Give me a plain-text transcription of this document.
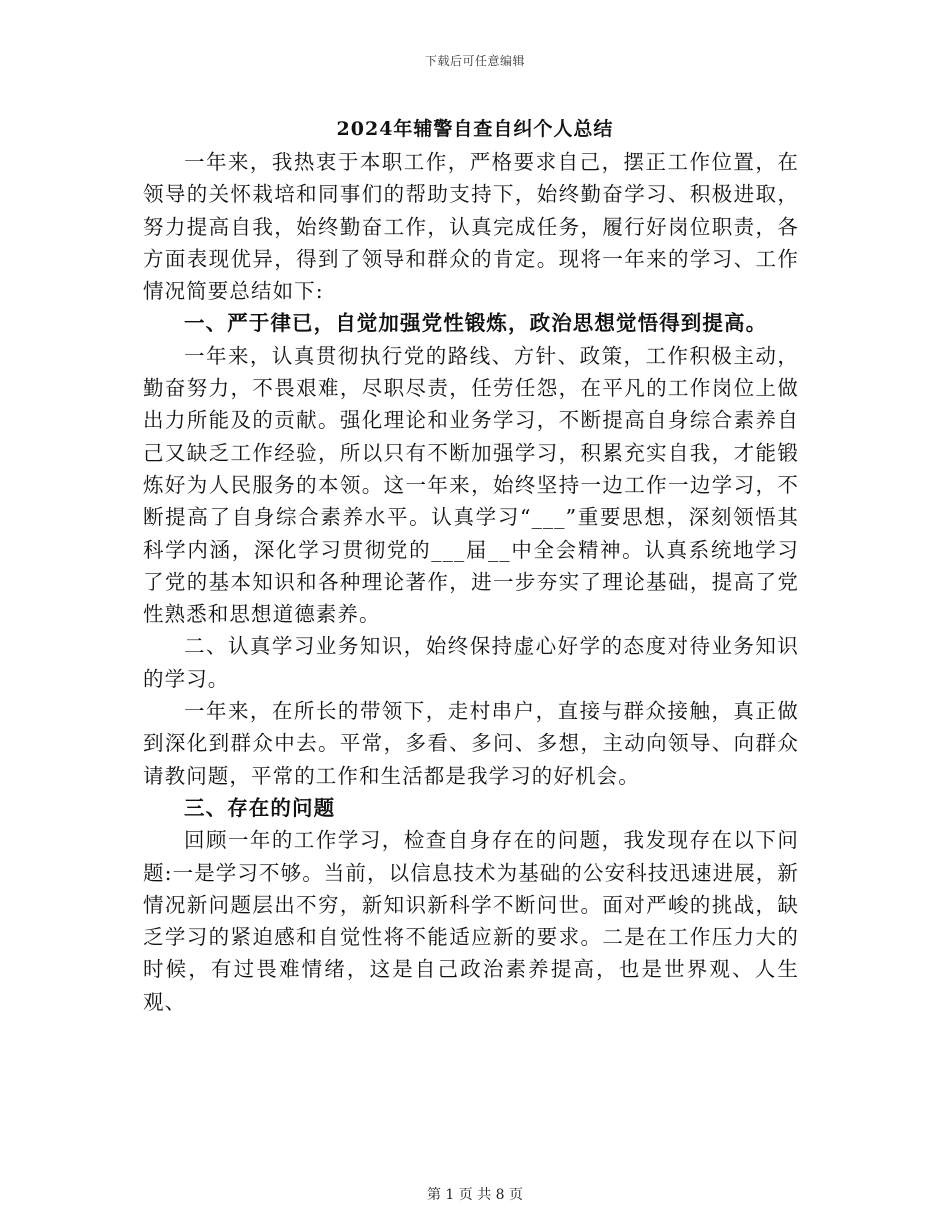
下载后可任意编辑
2024年辅警自查自纠个人总结

一年来，我热衷于本职工作，严格要求自己，摆正工作位置，在领导的关怀栽培和同事们的帮助支持下，始终勤奋学习、积极进取，努力提高自我，始终勤奋工作，认真完成任务，履行好岗位职责，各方面表现优异，得到了领导和群众的肯定。现将一年来的学习、工作情况简要总结如下:

一、严于律已，自觉加强党性锻炼，政治思想觉悟得到提高。

一年来，认真贯彻执行党的路线、方针、政策，工作积极主动，勤奋努力，不畏艰难，尽职尽责，任劳任怨，在平凡的工作岗位上做出力所能及的贡献。强化理论和业务学习，不断提高自身综合素养自己又缺乏工作经验，所以只有不断加强学习，积累充实自我，才能锻炼好为人民服务的本领。这一年来，始终坚持一边工作一边学习，不断提高了自身综合素养水平。认真学习“___”重要思想，深刻领悟其科学内涵，深化学习贯彻党的___届__中全会精神。认真系统地学习了党的基本知识和各种理论著作，进一步夯实了理论基础，提高了党性熟悉和思想道德素养。

二、认真学习业务知识，始终保持虚心好学的态度对待业务知识的学习。

一年来，在所长的带领下，走村串户，直接与群众接触，真正做到深化到群众中去。平常，多看、多问、多想，主动向领导、向群众请教问题，平常的工作和生活都是我学习的好机会。

三、存在的问题

回顾一年的工作学习，检查自身存在的问题，我发现存在以下问题:一是学习不够。当前，以信息技术为基础的公安科技迅速进展，新情况新问题层出不穷，新知识新科学不断问世。面对严峻的挑战，缺乏学习的紧迫感和自觉性将不能适应新的要求。二是在工作压力大的时候，有过畏难情绪，这是自己政治素养提高，也是世界观、人生观、

第 1 页 共 8 页
